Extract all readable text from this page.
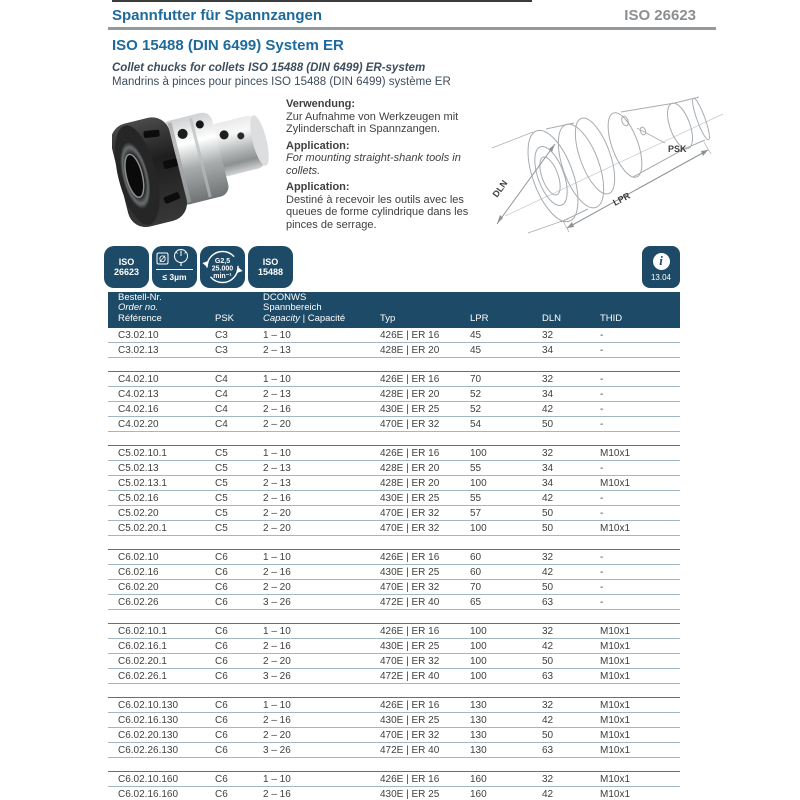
Spannfutter für Spannzangen	ISO 26623
ISO 15488 (DIN 6499) System ER
Collet chucks for collets ISO 15488 (DIN 6499) ER-system
Mandrins à pinces pour pinces ISO 15488 (DIN 6499) système ER
Verwendung:
Zur Aufnahme von Werkzeugen mit Zylinderschaft in Spannzangen.
Application:
For mounting straight-shank tools in collets.
Application:
Destiné à recevoir les outils avec les queues de forme cylindrique dans les pinces de serrage.
DLN	LPR
PSK
ISO
26623
Ø
≤ 3µm
G2,5
25.000
min⁻¹
ISO
15488
i
13.04
Bestell-Nr.
Order no.
Référence	PSK
DCONWS
Spannbereich
Capacity | Capacité	Typ	LPR	DLN	THID
C3.02.10	C3	1 – 10	426E | ER 16	45	32	-
C3.02.13	C3	2 – 13	428E | ER 20	45	34	-
C4.02.10	C4	1 – 10	426E | ER 16	70	32	-
C4.02.13	C4	2 – 13	428E | ER 20	52	34	-
C4.02.16	C4	2 – 16	430E | ER 25	52	42	-
C4.02.20	C4	2 – 20	470E | ER 32	54	50	-
C5.02.10.1	C5	1 – 10	426E | ER 16	100	32	M10x1
C5.02.13	C5	2 – 13	428E | ER 20	55	34	-
C5.02.13.1	C5	2 – 13	428E | ER 20	100	34	M10x1
C5.02.16	C5	2 – 16	430E | ER 25	55	42	-
C5.02.20	C5	2 – 20	470E | ER 32	57	50	-
C5.02.20.1	C5	2 – 20	470E | ER 32	100	50	M10x1
C6.02.10	C6	1 – 10	426E | ER 16	60	32	-
C6.02.16	C6	2 – 16	430E | ER 25	60	42	-
C6.02.20	C6	2 – 20	470E | ER 32	70	50	-
C6.02.26	C6	3 – 26	472E | ER 40	65	63	-
C6.02.10.1	C6	1 – 10	426E | ER 16	100	32	M10x1
C6.02.16.1	C6	2 – 16	430E | ER 25	100	42	M10x1
C6.02.20.1	C6	2 – 20	470E | ER 32	100	50	M10x1
C6.02.26.1	C6	3 – 26	472E | ER 40	100	63	M10x1
C6.02.10.130	C6	1 – 10	426E | ER 16	130	32	M10x1
C6.02.16.130	C6	2 – 16	430E | ER 25	130	42	M10x1
C6.02.20.130	C6	2 – 20	470E | ER 32	130	50	M10x1
C6.02.26.130	C6	3 – 26	472E | ER 40	130	63	M10x1
C6.02.10.160	C6	1 – 10	426E | ER 16	160	32	M10x1
C6.02.16.160	C6	2 – 16	430E | ER 25	160	42	M10x1
